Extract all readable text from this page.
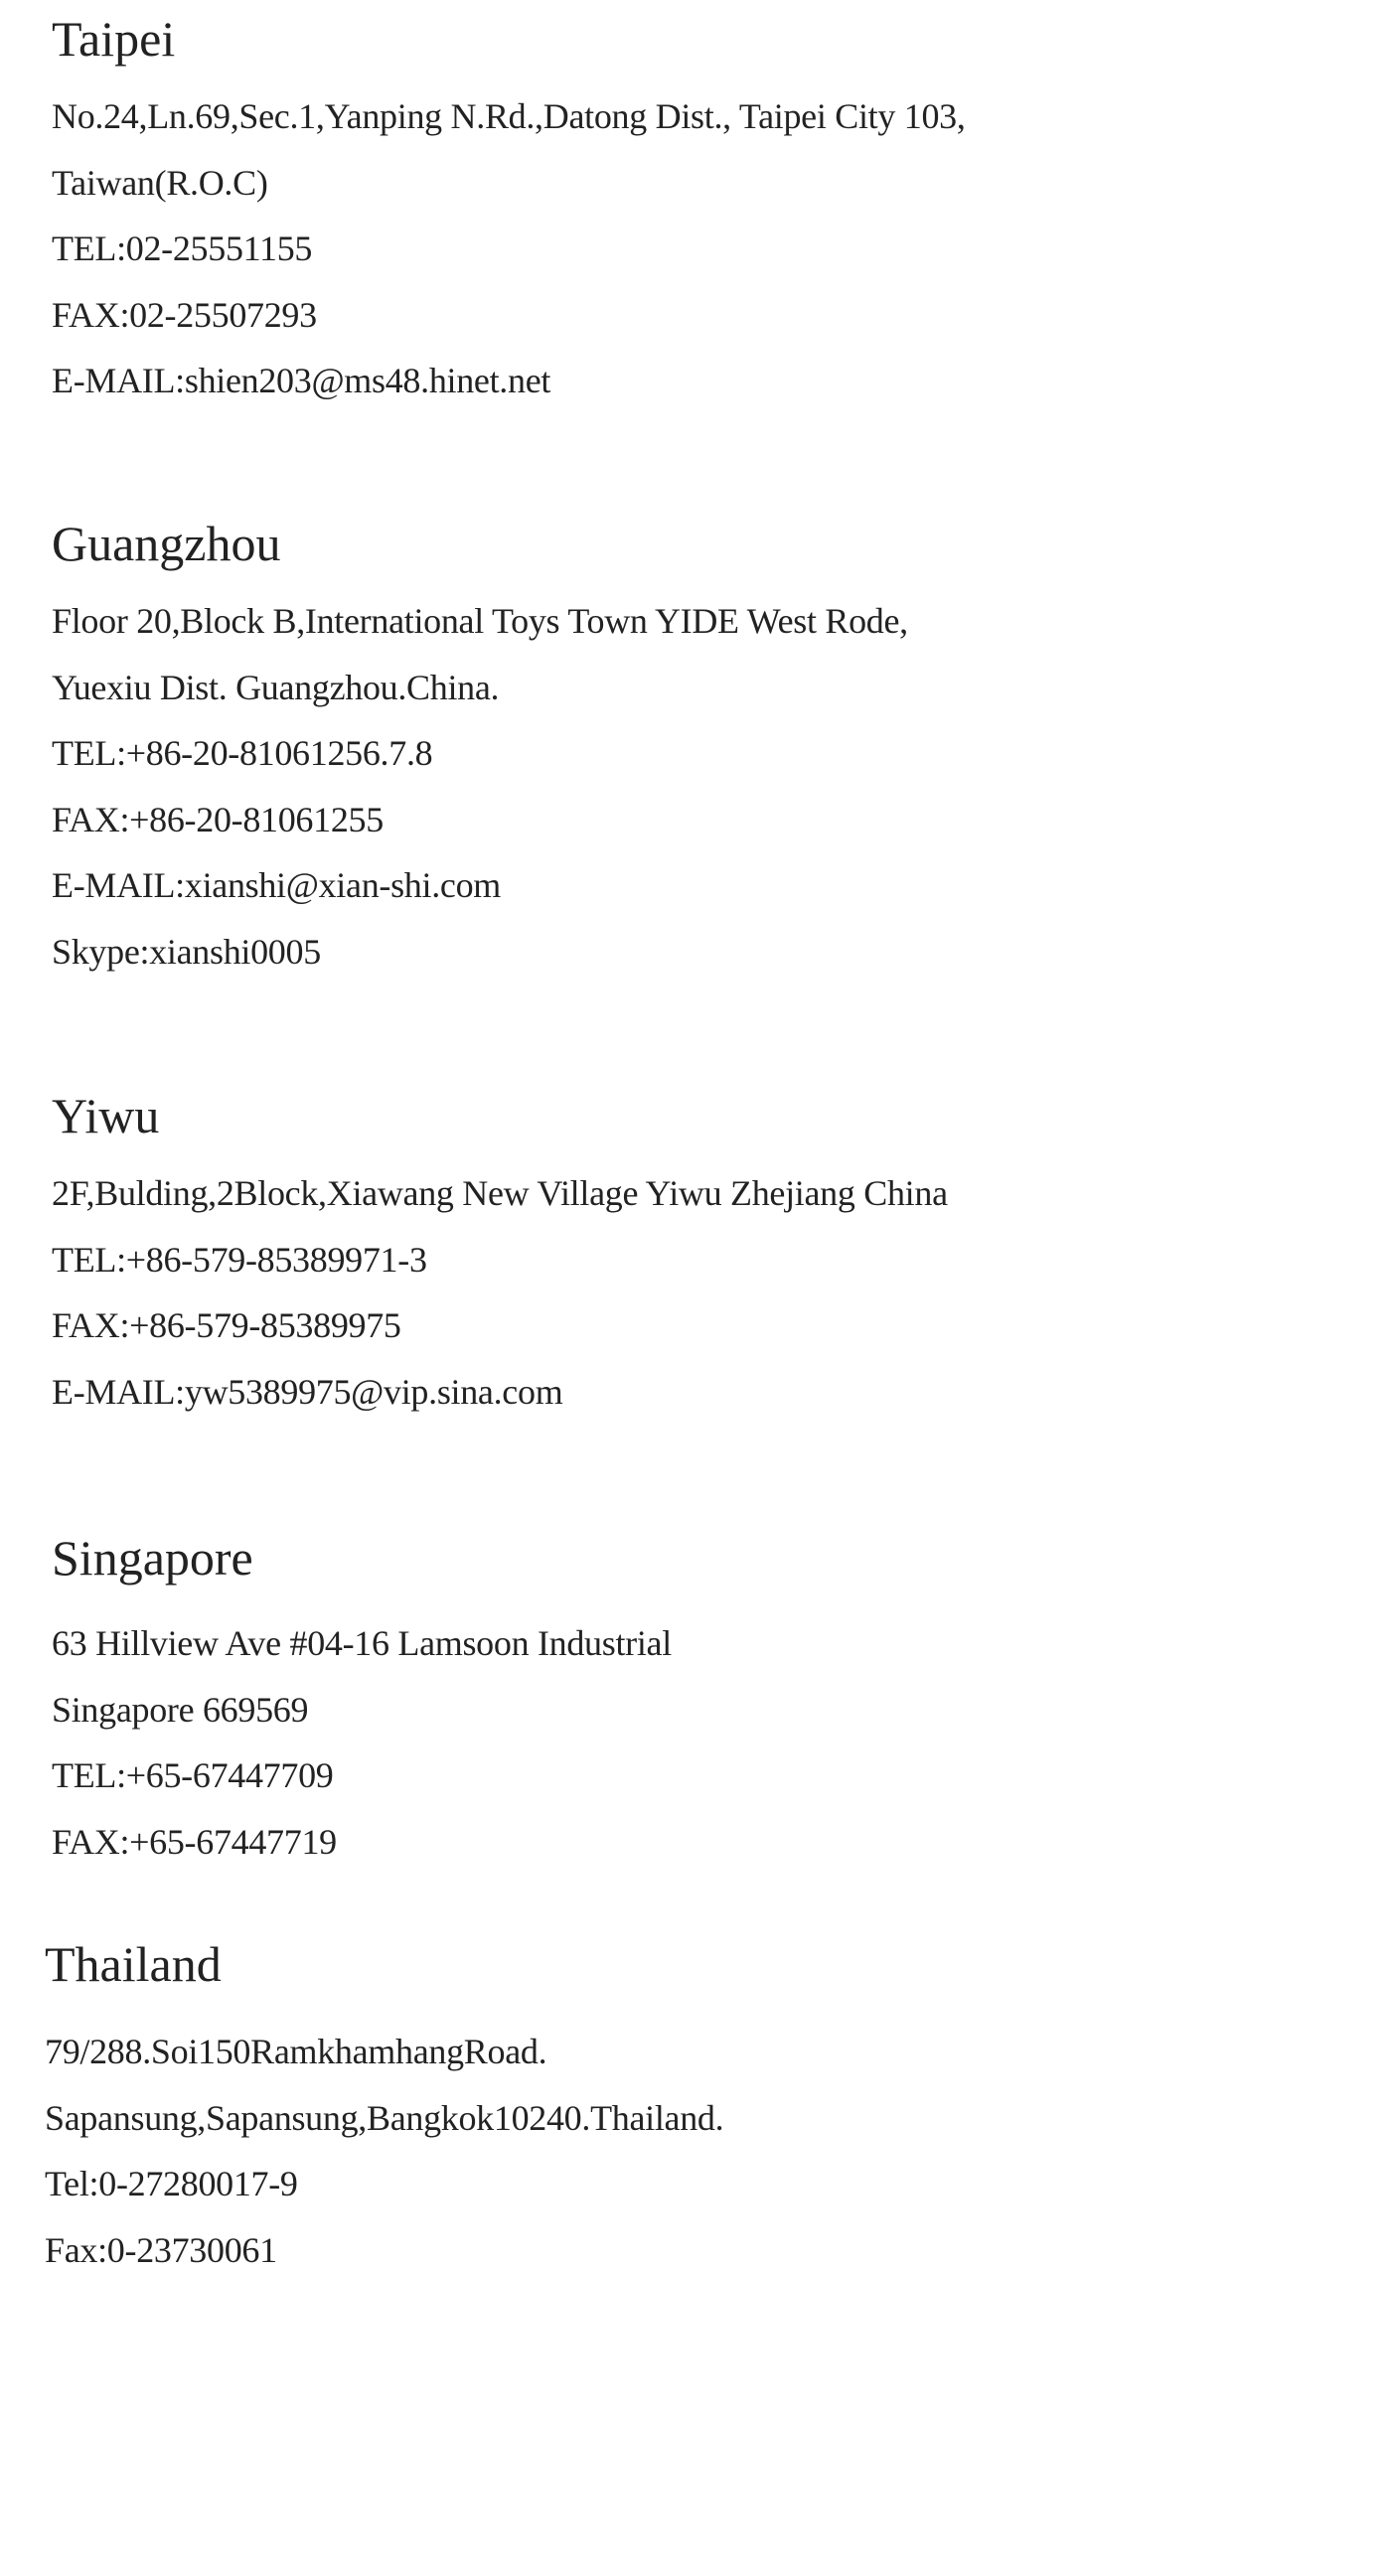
Taipei
No.24,Ln.69,Sec.1,Yanping N.Rd.,Datong Dist., Taipei City 103,
Taiwan(R.O.C)
TEL:02-25551155
FAX:02-25507293
E-MAIL:shien203@ms48.hinet.net
Guangzhou
Floor 20,Block B,International Toys Town YIDE West Rode,
Yuexiu Dist. Guangzhou.China.
TEL:+86-20-81061256.7.8
FAX:+86-20-81061255
E-MAIL:xianshi@xian-shi.com
Skype:xianshi0005
Yiwu
2F,Bulding,2Block,Xiawang New Village Yiwu Zhejiang China
TEL:+86-579-85389971-3
FAX:+86-579-85389975
E-MAIL:yw5389975@vip.sina.com
Singapore
63 Hillview Ave #04-16 Lamsoon Industrial
Singapore 669569
TEL:+65-67447709
FAX:+65-67447719
Thailand
79/288.Soi150RamkhamhangRoad.
Sapansung,Sapansung,Bangkok10240.Thailand.
Tel:0-27280017-9
Fax:0-23730061
